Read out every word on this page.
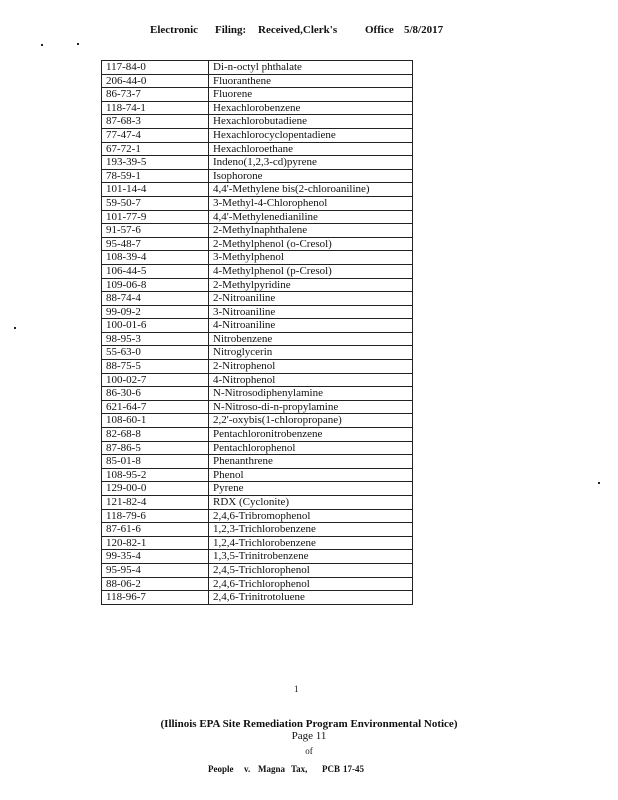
Electronic Filing: Received,Clerk's	Office 5/8/2017
117-84-0	Di-n-octyl phthalate
206-44-0	Fluoranthene
86-73-7	Fluorene
118-74-1	Hexachlorobenzene
87-68-3	Hexachlorobutadiene
77-47-4	Hexachlorocyclopentadiene
67-72-1	Hexachloroethane
193-39-5	Indeno(1,2,3-cd)pyrene
78-59-1	Isophorone
101-14-4	4,4'-Methylene bis(2-chloroaniline)
59-50-7	3-Methyl-4-Chlorophenol
101-77-9	4,4'-Methylenedianiline
91-57-6	2-Methylnaphthalene
95-48-7	2-Methylphenol (o-Cresol)
108-39-4	3-Methylphenol
106-44-5	4-Methylphenol (p-Cresol)
109-06-8	2-Methylpyridine
88-74-4	2-Nitroaniline
99-09-2	3-Nitroaniline
100-01-6	4-Nitroaniline
98-95-3	Nitrobenzene
55-63-0	Nitroglycerin
88-75-5	2-Nitrophenol
100-02-7	4-Nitrophenol
86-30-6	N-Nitrosodiphenylamine
621-64-7	N-Nitroso-di-n-propylamine
108-60-1	2,2'-oxybis(1-chloropropane)
82-68-8	Pentachloronitrobenzene
87-86-5	Pentachlorophenol
85-01-8	Phenanthrene
108-95-2	Phenol
129-00-0	Pyrene
121-82-4	RDX (Cyclonite)
118-79-6	2,4,6-Tribromophenol
87-61-6	1,2,3-Trichlorobenzene
120-82-1	1,2,4-Trichlorobenzene
99-35-4	1,3,5-Trinitrobenzene
95-95-4	2,4,5-Trichlorophenol
88-06-2	2,4,6-Trichlorophenol
118-96-7	2,4,6-Trinitrotoluene
1
(Illinois EPA Site Remediation Program Environmental Notice)
Page 11
of
People v. Magna Tax, PCB 17-45
